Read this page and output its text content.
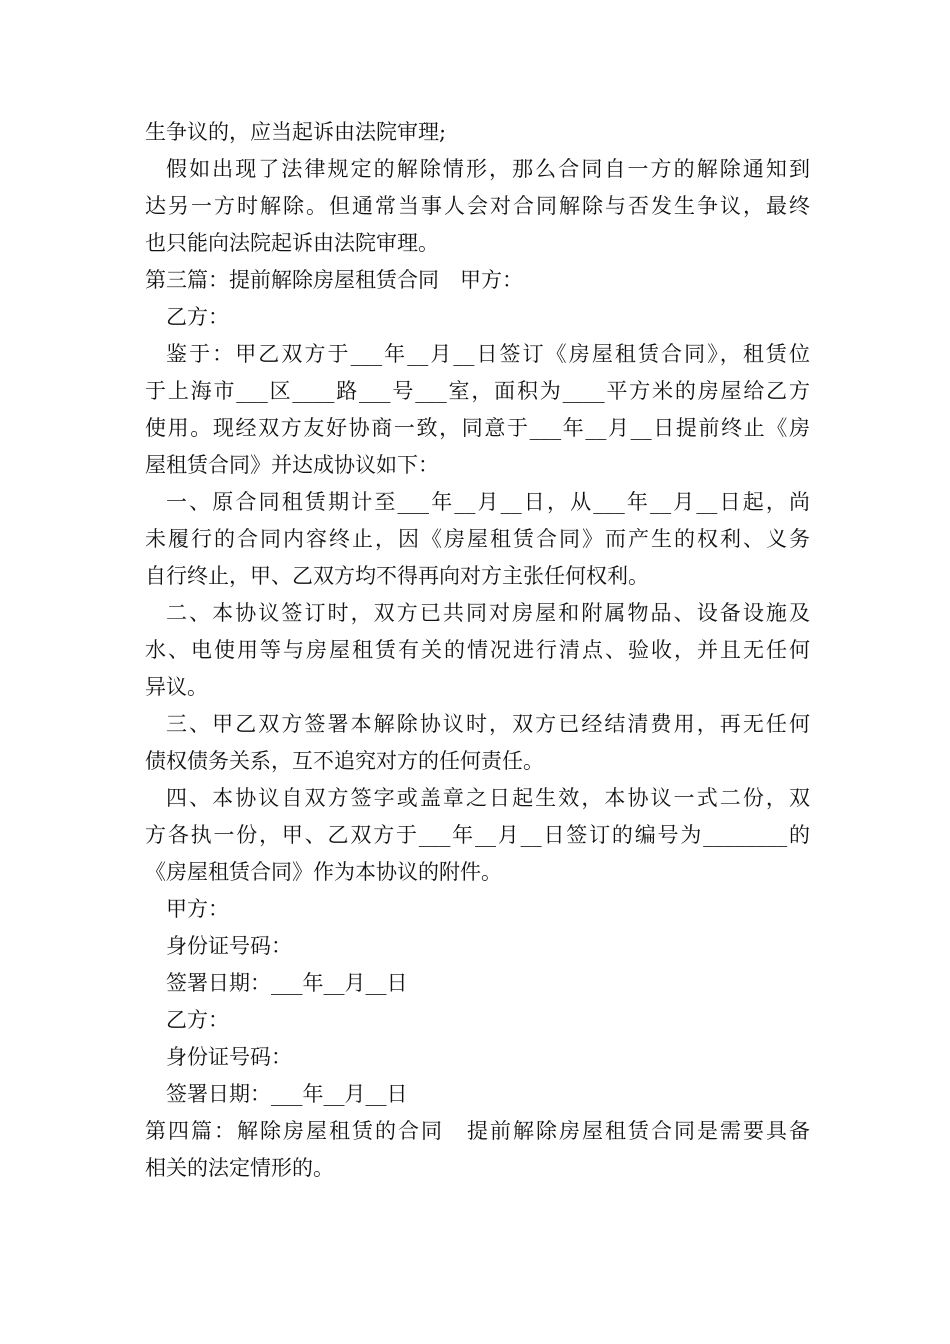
生争议的，应当起诉由法院审理;
假如出现了法律规定的解除情形，那么合同自一方的解除通知到
达另一方时解除。但通常当事人会对合同解除与否发生争议，最终
也只能向法院起诉由法院审理。
第三篇：提前解除房屋租赁合同　甲方：
乙方：
鉴于：甲乙双方于___年__月__日签订《房屋租赁合同》，租赁位
于上海市___区____路___号___室，面积为____平方米的房屋给乙方
使用。现经双方友好协商一致，同意于___年__月__日提前终止《房
屋租赁合同》并达成协议如下：
一、原合同租赁期计至___年__月__日，从___年__月__日起，尚
未履行的合同内容终止，因《房屋租赁合同》而产生的权利、义务
自行终止，甲、乙双方均不得再向对方主张任何权利。
二、本协议签订时，双方已共同对房屋和附属物品、设备设施及
水、电使用等与房屋租赁有关的情况进行清点、验收，并且无任何
异议。
三、甲乙双方签署本解除协议时，双方已经结清费用，再无任何
债权债务关系，互不追究对方的任何责任。
四、本协议自双方签字或盖章之日起生效，本协议一式二份，双
方各执一份，甲、乙双方于___年__月__日签订的编号为________的
《房屋租赁合同》作为本协议的附件。
甲方：
身份证号码：
签署日期：___年__月__日
乙方：
身份证号码：
签署日期：___年__月__日
第四篇：解除房屋租赁的合同　提前解除房屋租赁合同是需要具备
相关的法定情形的。
